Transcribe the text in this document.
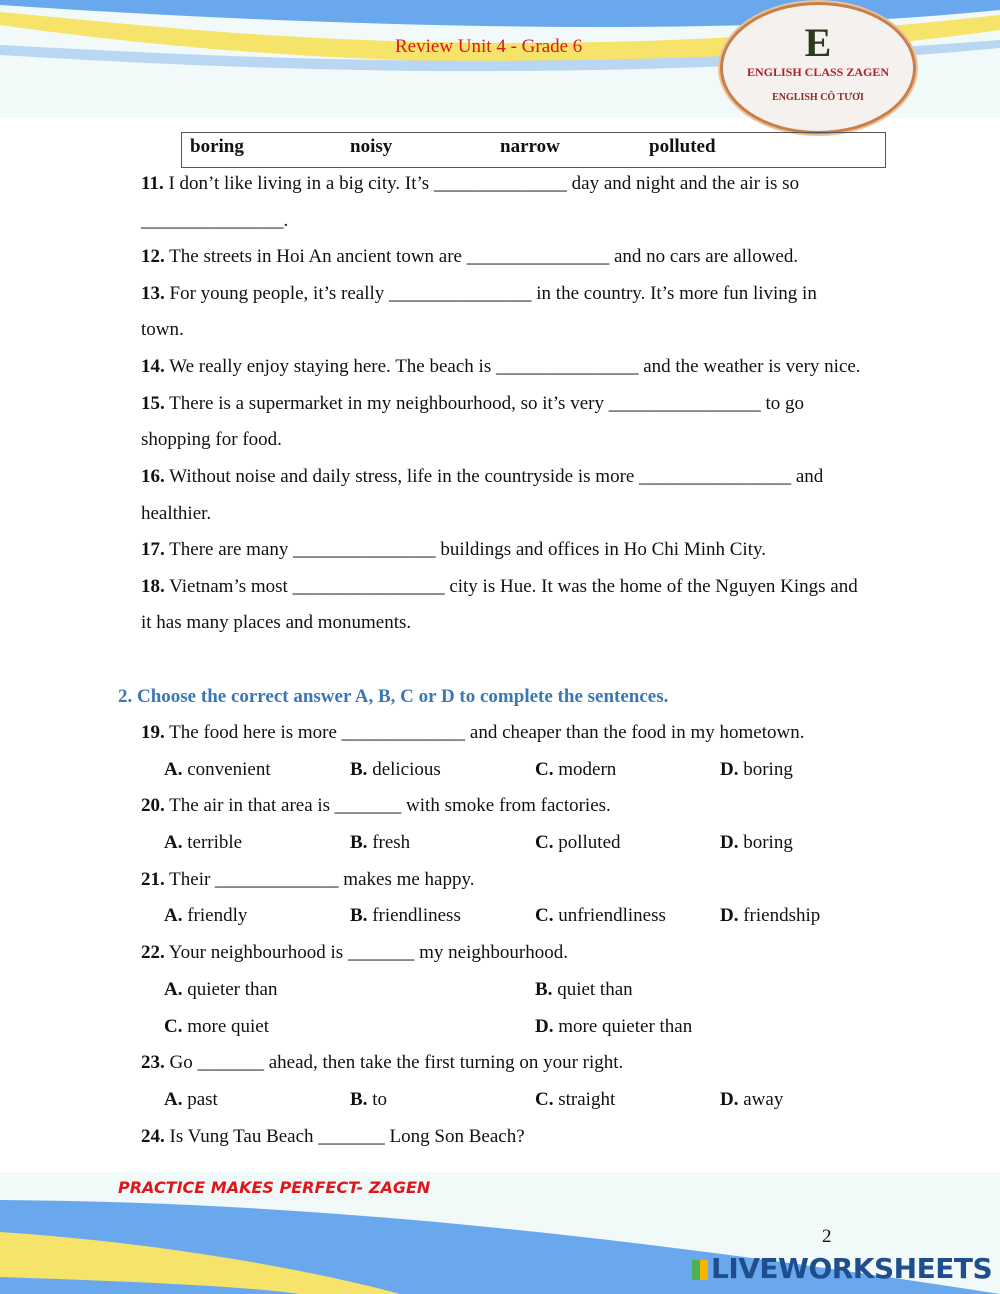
Review Unit 4 - Grade 6	E
ENGLISH CLASS ZAGEN
ENGLISH CÔ TƯƠI
boring	noisy	narrow	polluted
11. I don’t like living in a big city. It’s ______________ day and night and the air is so
_______________.
12. The streets in Hoi An ancient town are _______________ and no cars are allowed.
13. For young people, it’s really _______________ in the country. It’s more fun living in
town.
14. We really enjoy staying here. The beach is _______________ and the weather is very nice.
15. There is a supermarket in my neighbourhood, so it’s very ________________ to go
shopping for food.
16. Without noise and daily stress, life in the countryside is more ________________ and
healthier.
17. There are many _______________ buildings and offices in Ho Chi Minh City.
18. Vietnam’s most ________________ city is Hue. It was the home of the Nguyen Kings and
it has many places and monuments.
2. Choose the correct answer A, B, C or D to complete the sentences.
19. The food here is more _____________ and cheaper than the food in my hometown.
A. convenient	B. delicious	C. modern	D. boring
20. The air in that area is _______ with smoke from factories.
A. terrible	B. fresh	C. polluted	D. boring
21. Their _____________ makes me happy.
A. friendly	B. friendliness	C. unfriendliness	D. friendship
22. Your neighbourhood is _______ my neighbourhood.
A. quieter than	B. quiet than
C. more quiet	D. more quieter than
23. Go _______ ahead, then take the first turning on your right.
A. past	B. to	C. straight	D. away
24. Is Vung Tau Beach _______ Long Son Beach?
PRACTICE MAKES PERFECT- ZAGEN
2
LIVEWORKSHEETS
